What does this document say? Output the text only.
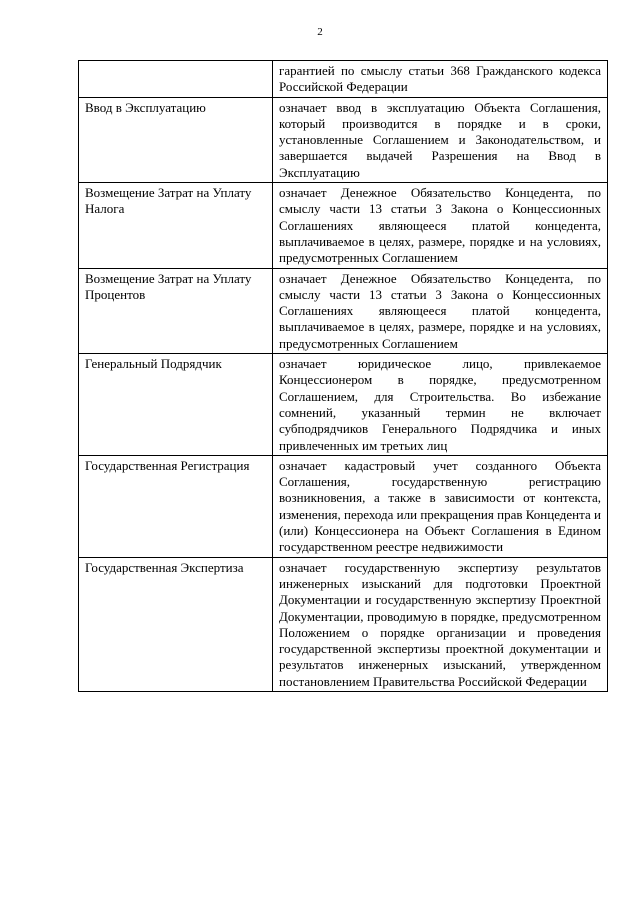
2
	гарантией по смыслу статьи 368 Гражданского кодекса Российской Федерации
Ввод в Эксплуатацию	означает ввод в эксплуатацию Объекта Соглашения, который производится в порядке и в сроки, установленные Соглашением и Законодательством, и завершается выдачей Разрешения на Ввод в Эксплуатацию
Возмещение Затрат на Уплату Налога	означает Денежное Обязательство Концедента, по смыслу части 13 статьи 3 Закона о Концессионных Соглашениях являющееся платой концедента, выплачиваемое в целях, размере, порядке и на условиях, предусмотренных Соглашением
Возмещение Затрат на Уплату Процентов	означает Денежное Обязательство Концедента, по смыслу части 13 статьи 3 Закона о Концессионных Соглашениях являющееся платой концедента, выплачиваемое в целях, размере, порядке и на условиях, предусмотренных Соглашением
Генеральный Подрядчик	означает юридическое лицо, привлекаемое Концессионером в порядке, предусмотренном Соглашением, для Строительства. Во избежание сомнений, указанный термин не включает субподрядчиков Генерального Подрядчика и иных привлеченных им третьих лиц
Государственная Регистрация	означает кадастровый учет созданного Объекта Соглашения, государственную регистрацию возникновения, а также в зависимости от контекста, изменения, перехода или прекращения прав Концедента и (или) Концессионера на Объект Соглашения в Едином государственном реестре недвижимости
Государственная Экспертиза	означает государственную экспертизу результатов инженерных изысканий для подготовки Проектной Документации и государственную экспертизу Проектной Документации, проводимую в порядке, предусмотренном Положением о порядке организации и проведения государственной экспертизы проектной документации и результатов инженерных изысканий, утвержденном постановлением Правительства Российской Федерации
